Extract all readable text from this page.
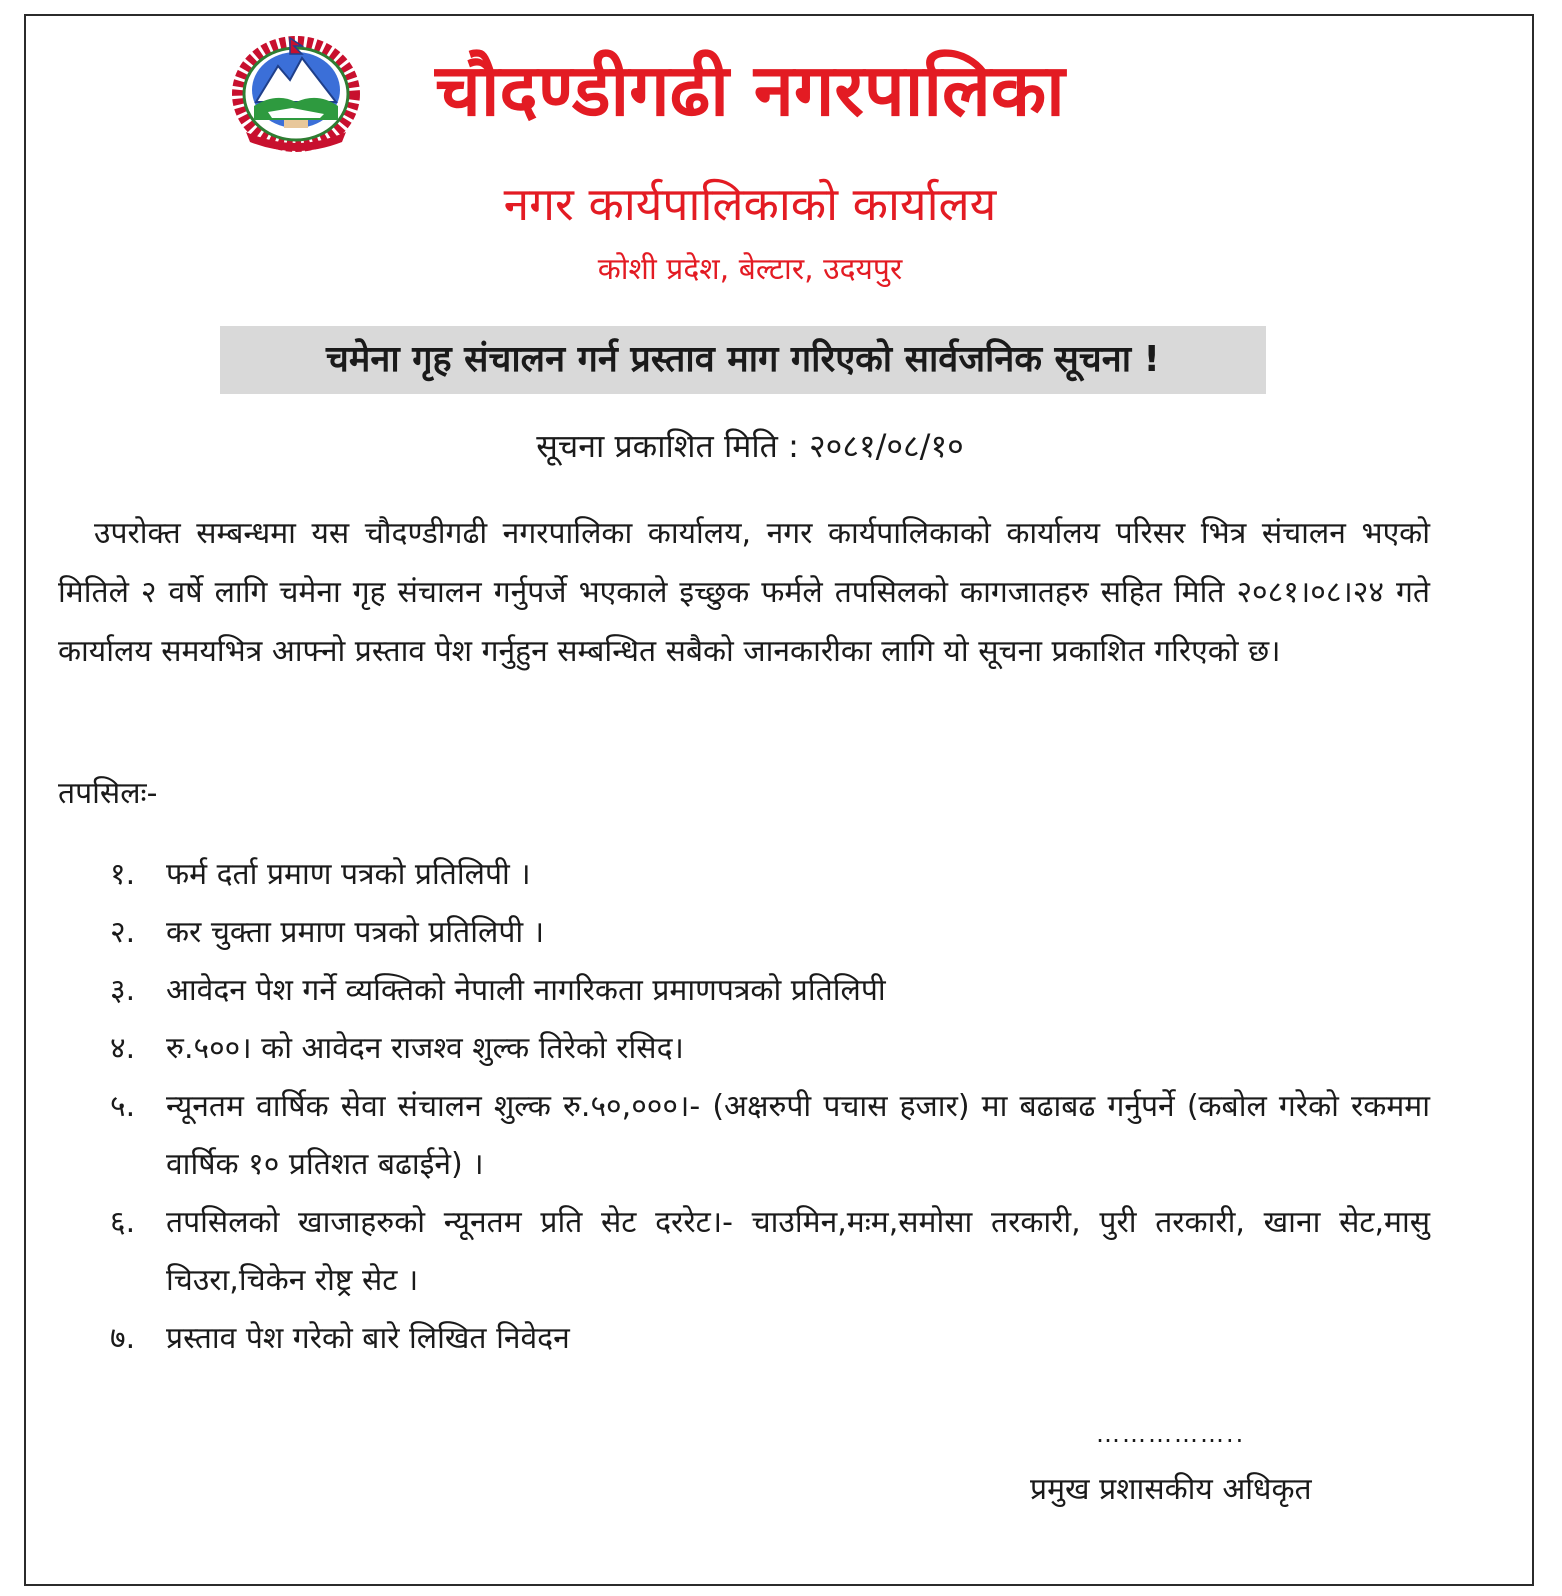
चौदण्डीगढी नगरपालिका
नगर कार्यपालिकाको कार्यालय
कोशी प्रदेश, बेल्टार, उदयपुर
चमेना गृह संचालन गर्न प्रस्ताव माग गरिएको सार्वजनिक सूचना !
सूचना प्रकाशित मिति : २०८१/०८/१०

उपरोक्त सम्बन्धमा यस चौदण्डीगढी नगरपालिका कार्यालय, नगर कार्यपालिकाको कार्यालय परिसर भित्र संचालन भएको मितिले २ वर्षे लागि चमेना गृह संचालन गर्नुपर्जे भएकाले इच्छुक फर्मले तपसिलको कागजातहरु सहित मिति २०८१।०८।२४ गते कार्यालय समयभित्र आफ्नो प्रस्ताव पेश गर्नुहुन सम्बन्धित सबैको जानकारीका लागि यो सूचना प्रकाशित गरिएको छ।

तपसिलः-
१.	फर्म दर्ता प्रमाण पत्रको प्रतिलिपी ।
२.	कर चुक्ता प्रमाण पत्रको प्रतिलिपी ।
३.	आवेदन पेश गर्ने व्यक्तिको नेपाली नागरिकता प्रमाणपत्रको प्रतिलिपी
४.	रु.५००। को आवेदन राजश्व शुल्क तिरेको रसिद।
५.	न्यूनतम वार्षिक सेवा संचालन शुल्क रु.५०,०००।- (अक्षरुपी पचास हजार) मा बढाबढ गर्नुपर्ने (कबोल गरेको रकममा वार्षिक १० प्रतिशत बढाईने) ।
६.	तपसिलको खाजाहरुको न्यूनतम प्रति सेट दररेट।- चाउमिन,मःम,समोसा तरकारी, पुरी तरकारी, खाना सेट,मासु चिउरा,चिकेन रोष्ट्र सेट ।
७.	प्रस्ताव पेश गरेको बारे लिखित निवेदन
……………..
प्रमुख प्रशासकीय अधिकृत
